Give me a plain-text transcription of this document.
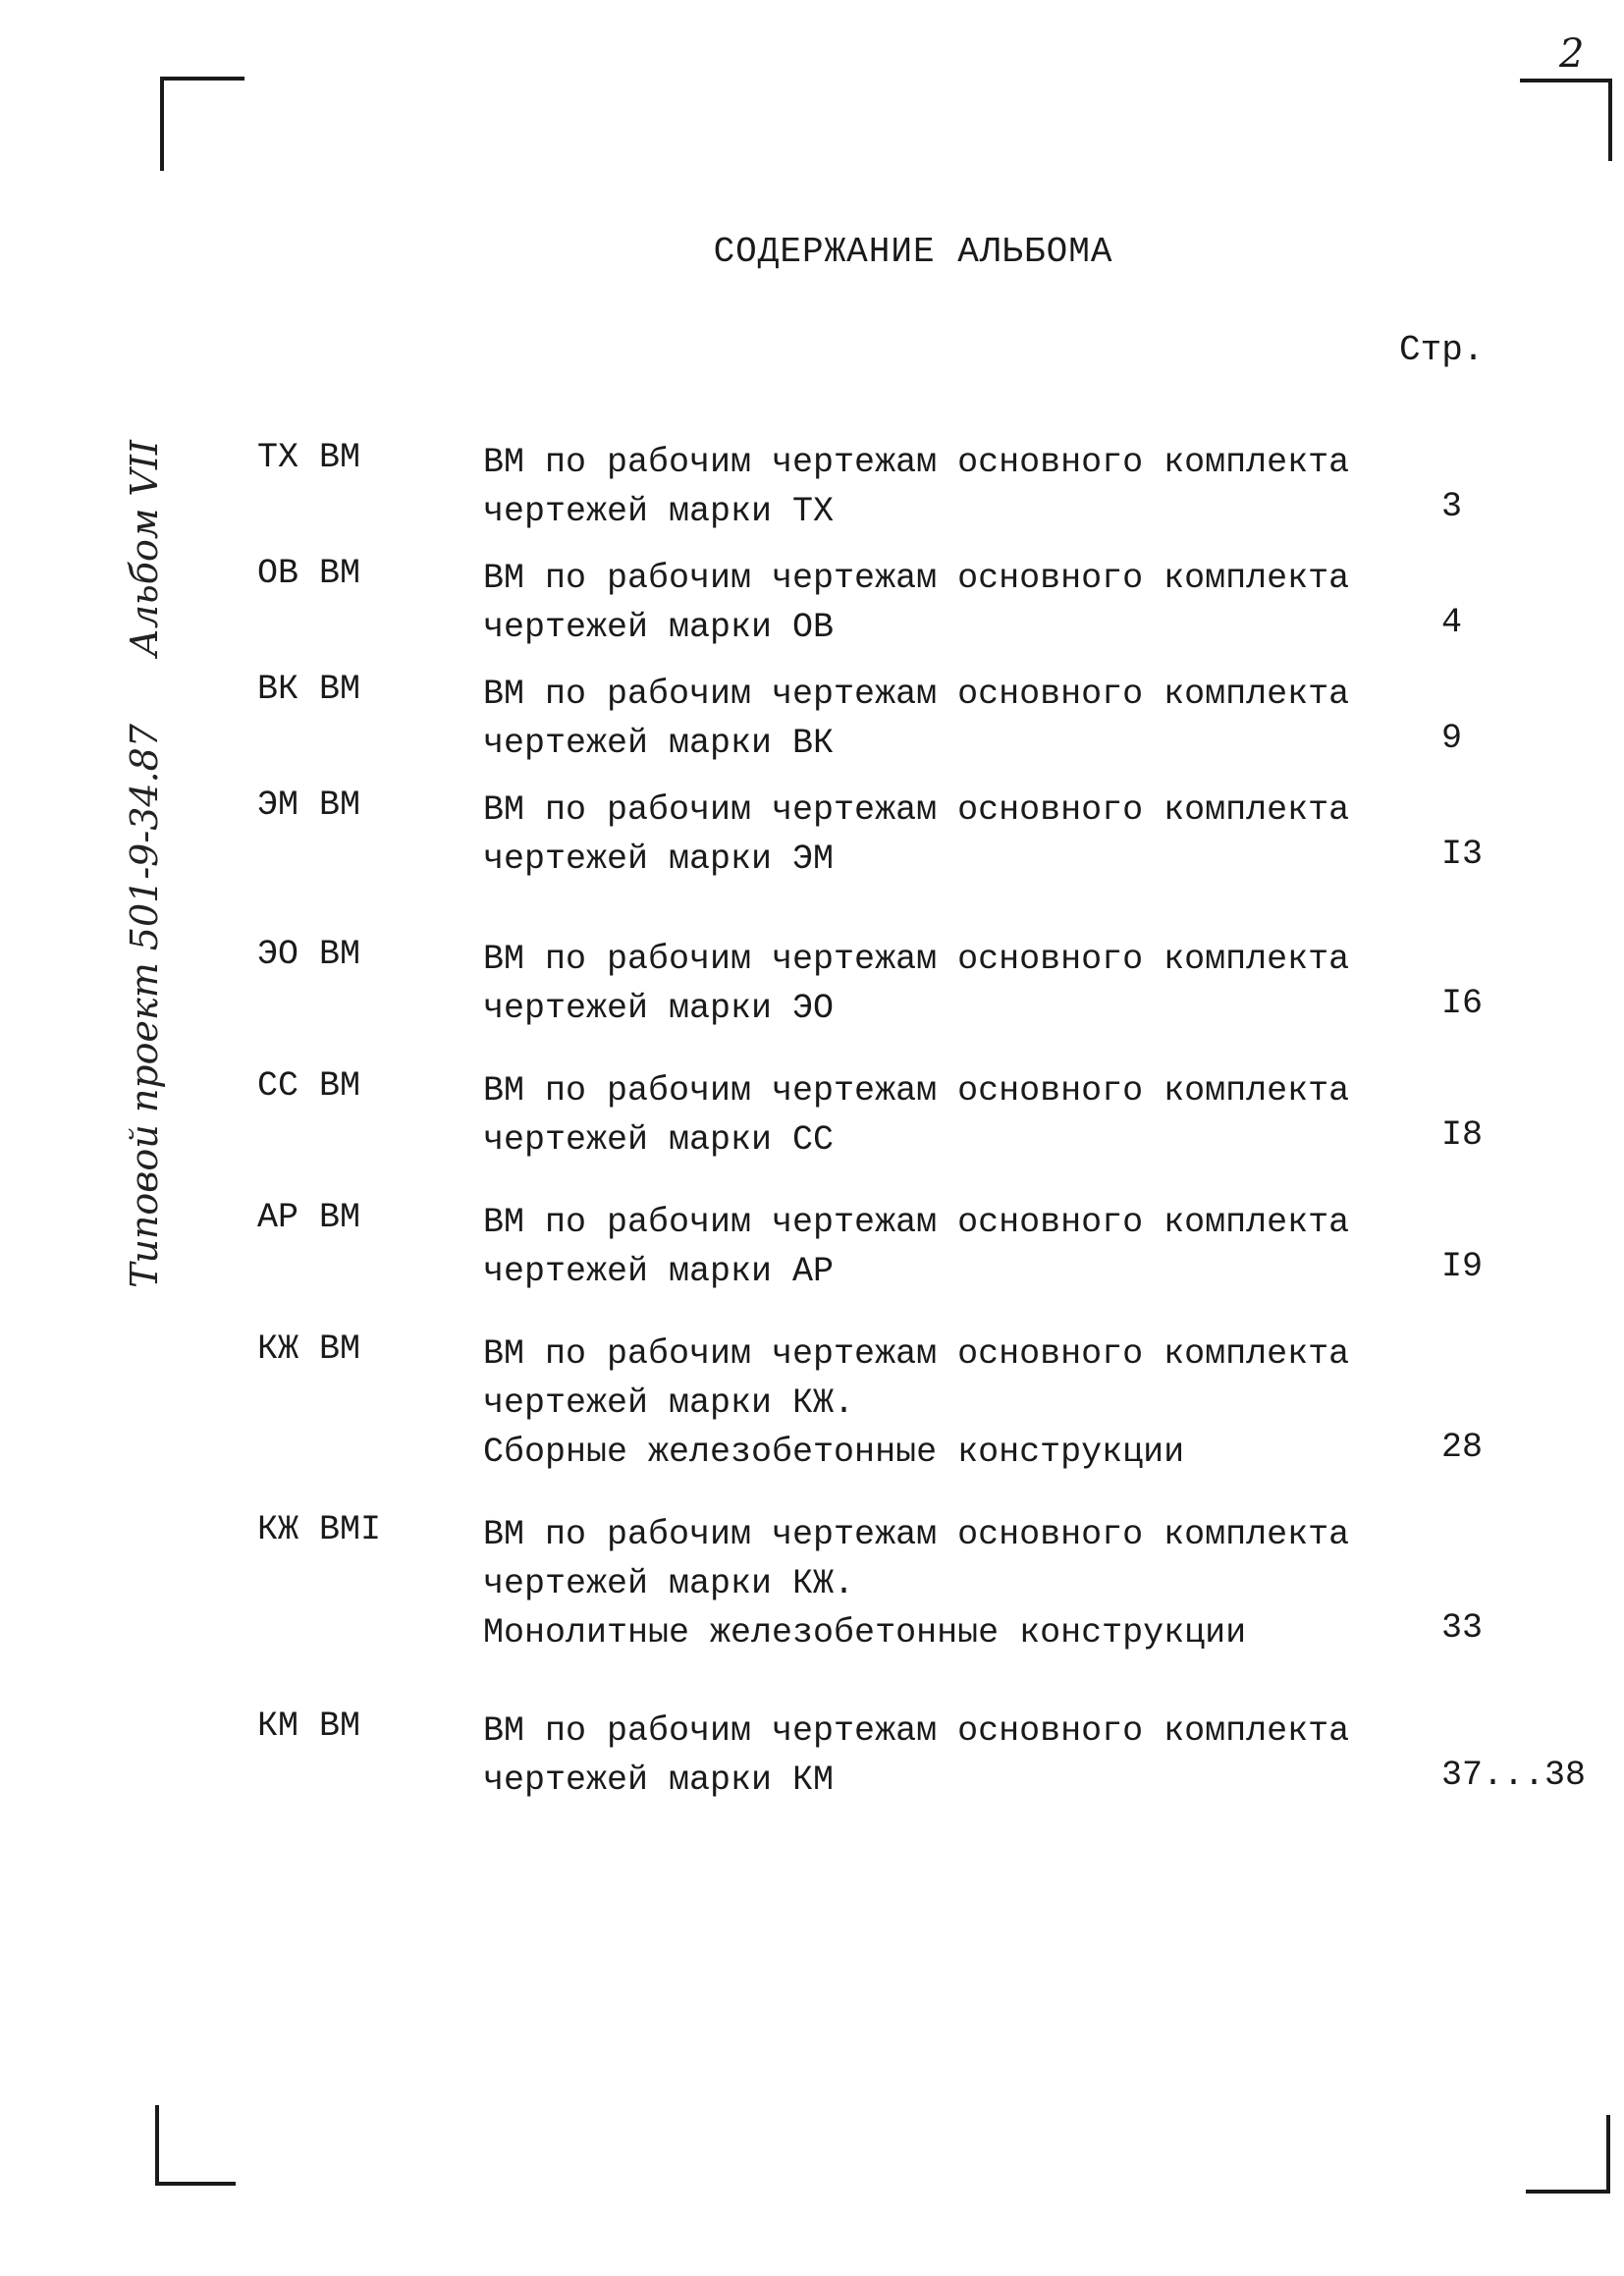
2
Типовой проект 501-9-34.87 Альбом VII
СОДЕРЖАНИЕ АЛЬБОМА
Стр.
ТХ ВМ	ВМ по рабочим чертежам основного комплекта
чертежей марки ТХ	3
ОВ ВМ	ВМ по рабочим чертежам основного комплекта
чертежей марки ОВ	4
ВК ВМ	ВМ по рабочим чертежам основного комплекта
чертежей марки ВК	9
ЭМ ВМ	ВМ по рабочим чертежам основного комплекта
чертежей марки ЭМ	I3
ЭО ВМ	ВМ по рабочим чертежам основного комплекта
чертежей марки ЭО	I6
СС ВМ	ВМ по рабочим чертежам основного комплекта
чертежей марки СС	I8
АР ВМ	ВМ по рабочим чертежам основного комплекта
чертежей марки АР	I9
КЖ ВМ	ВМ по рабочим чертежам основного комплекта
чертежей марки КЖ.
Сборные железобетонные конструкции	28
КЖ ВМI	ВМ по рабочим чертежам основного комплекта
чертежей марки КЖ.
Монолитные железобетонные конструкции	33
КМ ВМ	ВМ по рабочим чертежам основного комплекта
чертежей марки КМ	37...38
